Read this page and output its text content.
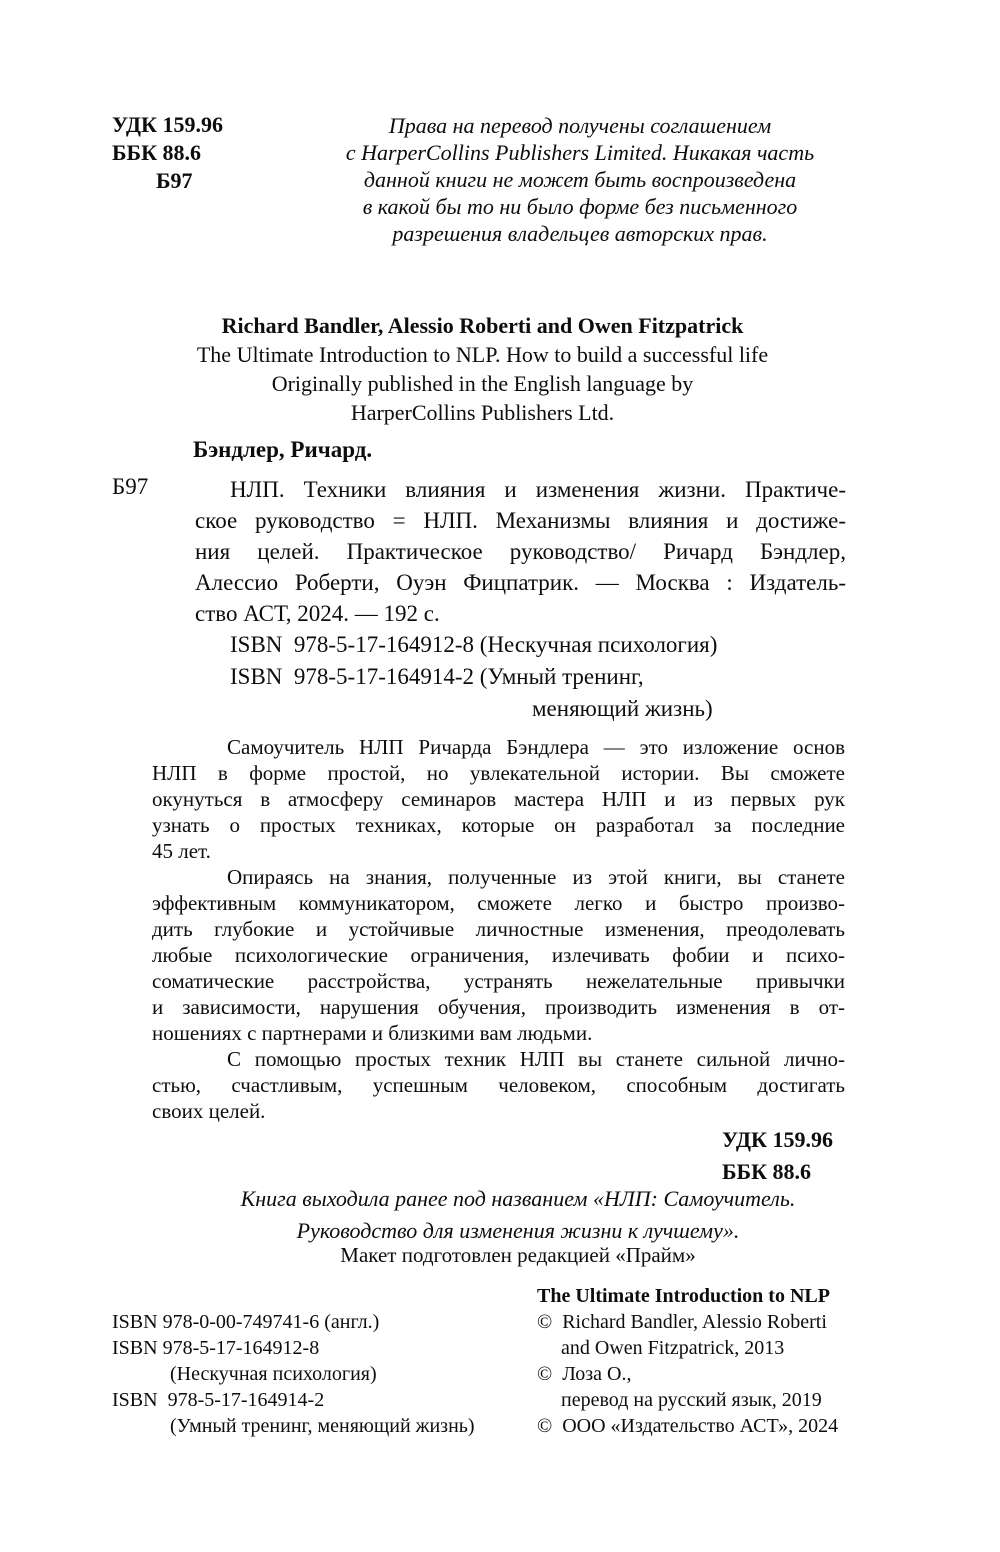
УДК 159.96
ББК 88.6
Б97
Права на перевод получены соглашением
с HarperCollins Publishers Limited. Никакая часть
данной книги не может быть воспроизведена
в какой бы то ни было форме без письменного
разрешения владельцев авторских прав.
Richard Bandler, Alessio Roberti and Owen Fitzpatrick
The Ultimate Introduction to NLP. How to build a successful life
Originally published in the English language by
HarperCollins Publishers Ltd.
Бэндлер, Ричард.
Б97	НЛП. Техники влияния и изменения жизни. Практиче-
ское руководство = НЛП. Механизмы влияния и достиже-
ния целей. Практическое руководство/ Ричард Бэндлер,
Алессио Роберти, Оуэн Фицпатрик. — Москва : Издатель-
ство АСТ, 2024. — 192 с.
ISBN  978-5-17-164912-8 (Нескучная психология)
ISBN  978-5-17-164914-2 (Умный тренинг,
меняющий жизнь)
Самоучитель НЛП Ричарда Бэндлера — это изложение основ
НЛП в форме простой, но увлекательной истории. Вы сможете
окунуться в атмосферу семинаров мастера НЛП и из первых рук
узнать о простых техниках, которые он разработал за последние
45 лет.
Опираясь на знания, полученные из этой книги, вы станете
эффективным коммуникатором, сможете легко и быстро произво-
дить глубокие и устойчивые личностные изменения, преодолевать
любые психологические ограничения, излечивать фобии и психо-
соматические расстройства, устранять нежелательные привычки
и зависимости, нарушения обучения, производить изменения в от-
ношениях с партнерами и близкими вам людьми.
С помощью простых техник НЛП вы станете сильной лично-
стью, счастливым, успешным человеком, способным достигать
своих целей.
УДК 159.96
ББК 88.6
Книга выходила ранее под названием «НЛП: Самоучитель.
Руководство для изменения жизни к лучшему».
Макет подготовлен редакцией «Прайм»
ISBN 978-0-00-749741-6 (англ.)
ISBN 978-5-17-164912-8
(Нескучная психология)
ISBN  978-5-17-164914-2
(Умный тренинг, меняющий жизнь)
The Ultimate Introduction to NLP
©  Richard Bandler, Alessio Roberti
and Owen Fitzpatrick, 2013
©  Лоза О.,
перевод на русский язык, 2019
©  ООО «Издательство АСТ», 2024
